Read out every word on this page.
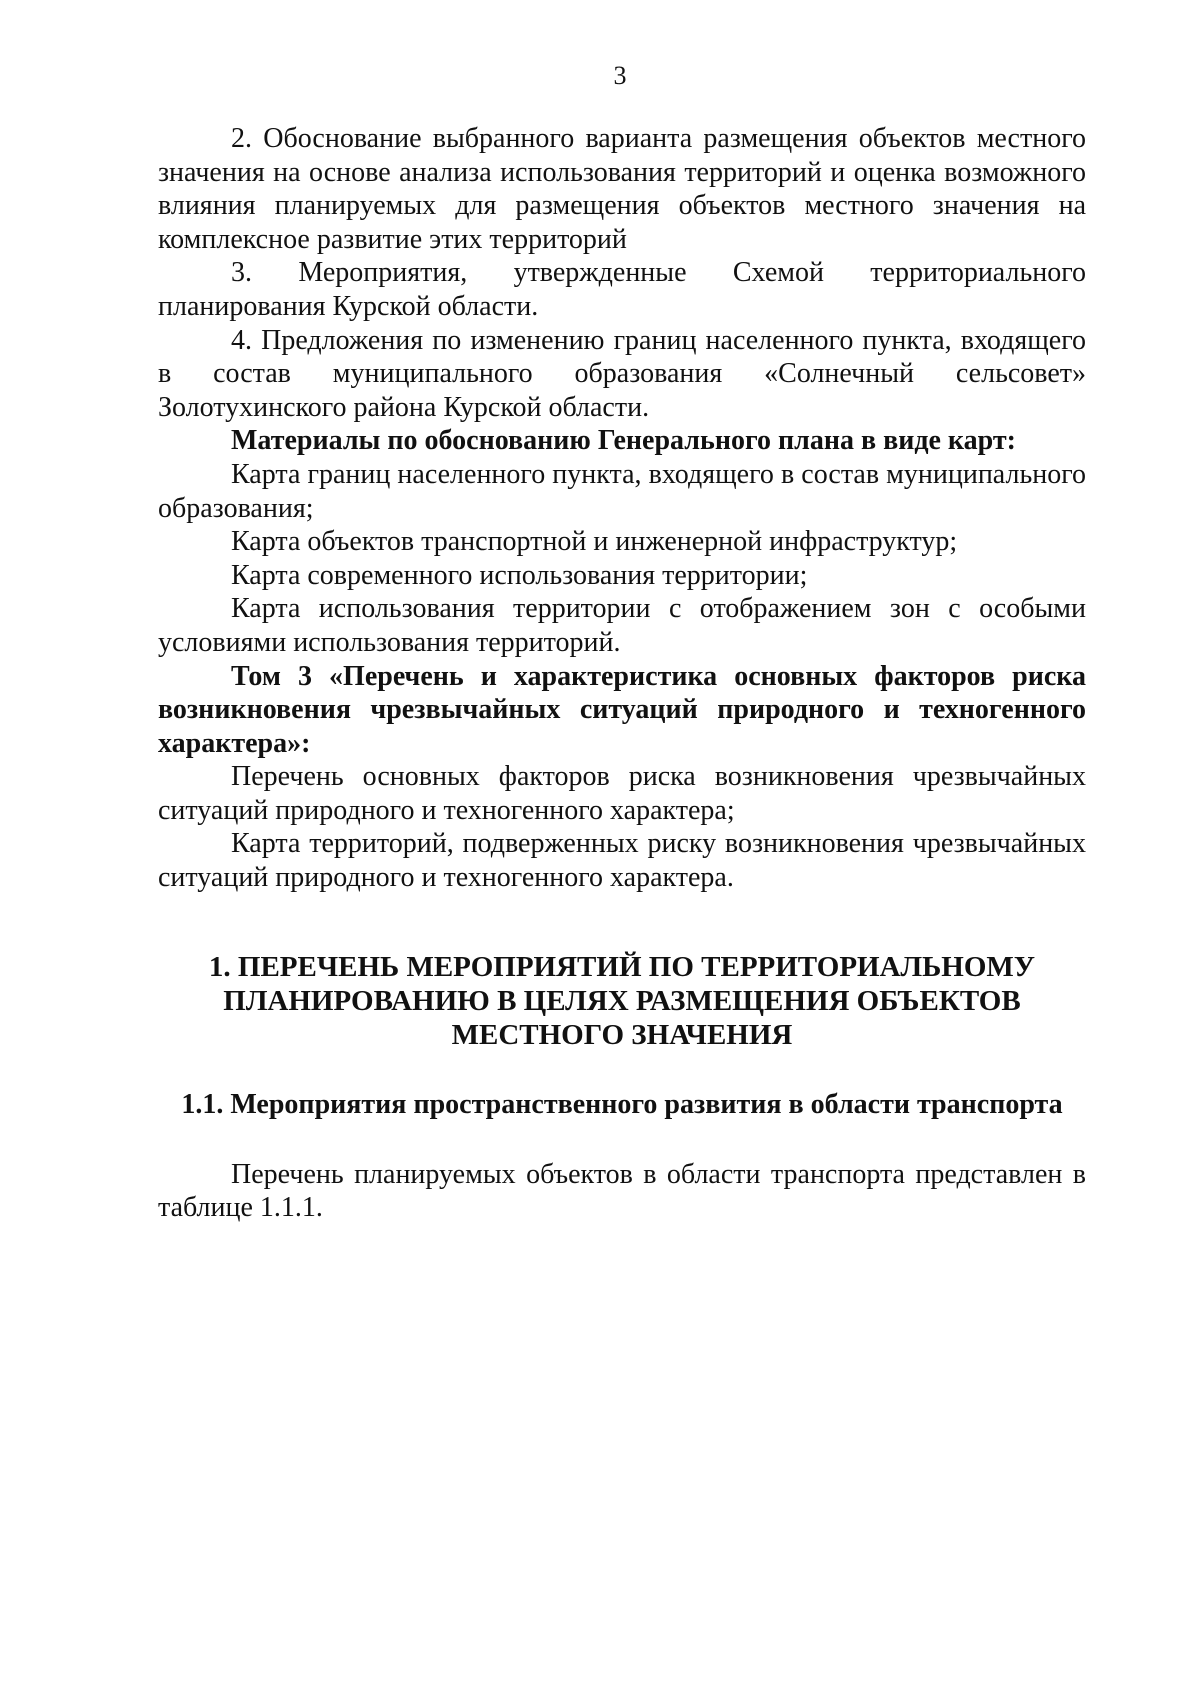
3

2. Обоснование выбранного варианта размещения объектов местного значения на основе анализа использования территорий и оценка возможного влияния планируемых для размещения объектов местного значения на комплексное развитие этих территорий

3. Мероприятия, утвержденные Схемой территориального планирования Курской области.

4. Предложения по изменению границ населенного пункта, входящего в состав муниципального образования «Солнечный сельсовет» Золотухинского района Курской области.

Материалы по обоснованию Генерального плана в виде карт:

Карта границ населенного пункта, входящего в состав муниципального образования;

Карта объектов транспортной и инженерной инфраструктур;

Карта современного использования территории;

Карта использования территории с отображением зон с особыми условиями использования территорий.

Том 3 «Перечень и характеристика основных факторов риска возникновения чрезвычайных ситуаций природного и техногенного характера»:

Перечень основных факторов риска возникновения чрезвычайных ситуаций природного и техногенного характера;

Карта территорий, подверженных риску возникновения чрезвычайных ситуаций природного и техногенного характера.

1. ПЕРЕЧЕНЬ МЕРОПРИЯТИЙ ПО ТЕРРИТОРИАЛЬНОМУ
ПЛАНИРОВАНИЮ В ЦЕЛЯХ РАЗМЕЩЕНИЯ ОБЪЕКТОВ
МЕСТНОГО ЗНАЧЕНИЯ
1.1. Мероприятия пространственного развития в области транспорта

Перечень планируемых объектов в области транспорта представлен в таблице 1.1.1.
